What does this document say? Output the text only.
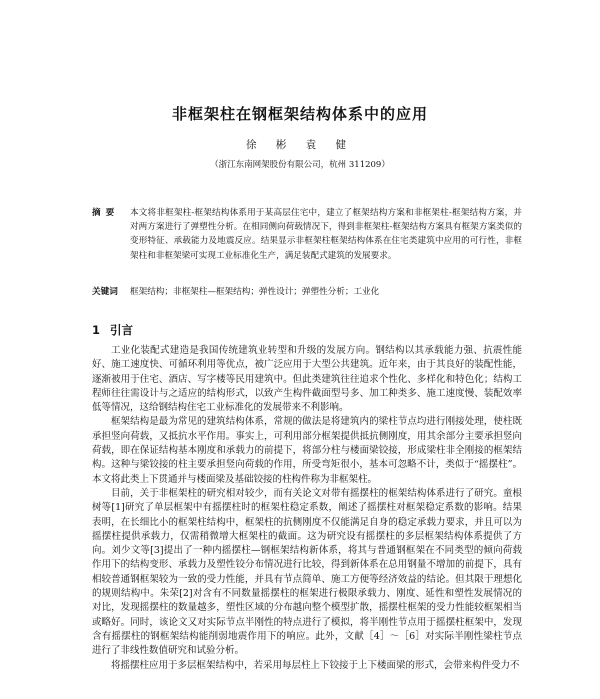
非框架柱在钢框架结构体系中的应用
徐 彬 袁 健
（浙江东南网架股份有限公司，杭州 311209）
摘要 本文将非框架柱-框架结构体系用于某高层住宅中，建立了框架结构方案和非框架柱-框架结构方案，并对两方案进行了弹塑性分析。在相同侧向荷载情况下，得到非框架柱-框架结构方案具有框架方案类似的变形特征、承载能力及地震反应。结果显示非框架柱框架结构体系在住宅类建筑中应用的可行性，非框架柱和非框架梁可实现工业标准化生产，满足装配式建筑的发展要求。
关键词 框架结构；非框架柱—框架结构；弹性设计；弹塑性分析；工业化
1 引言

工业化装配式建造是我国传统建筑业转型和升级的发展方向。钢结构以其承载能力强、抗震性能好、施工速度快、可循环利用等优点，被广泛应用于大型公共建筑。近年来，由于其良好的装配性能，逐渐被用于住宅、酒店、写字楼等民用建筑中。但此类建筑往往追求个性化、多样化和特色化；结构工程师往往需设计与之适应的结构形式，以致产生构件截面型号多、加工种类多、施工速度慢、装配效率低等情况，这给钢结构住宅工业标准化的发展带来不利影响。

框架结构是最为常见的建筑结构体系，常规的做法是将建筑内的梁柱节点均进行刚接处理，使柱既承担竖向荷载，又抵抗水平作用。事实上，可利用部分框架提供抵抗侧刚度，用其余部分主要承担竖向荷载，即在保证结构基本刚度和承载力的前提下，将部分柱与楼面梁铰接，形成梁柱非全刚接的框架结构。这种与梁铰接的柱主要承担竖向荷载的作用，所受弯矩很小，基本可忽略不计，类似于“摇摆柱”。本文将此类上下贯通并与楼面梁及基础铰接的柱构件称为非框架柱。

目前，关于非框架柱的研究相对较少，而有关论文对带有摇摆柱的框架结构体系进行了研究。童根树等[1]研究了单层框架中有摇摆柱时的框架柱稳定系数，阐述了摇摆柱对框架稳定系数的影响。结果表明，在长细比小的框架柱结构中，框架柱的抗侧刚度不仅能满足自身的稳定承载力要求，并且可以为摇摆柱提供承载力，仅需稍微增大框架柱的截面。这为研究设有摇摆柱的多层框架结构体系提供了方向。刘少文等[3]提出了一种内摇摆柱—钢框架结构新体系，将其与普通钢框架在不同类型的倾向荷载作用下的结构变形、承载力及塑性铰分布情况进行比较，得到新体系在总用钢量不增加的前提下，具有相较普通钢框架较为一致的受力性能，并具有节点简单、施工方便等经济效益的结论。但其限于理想化的规则结构中。朱荣[2]对含有不同数量摇摆柱的框架进行极限承载力、刚度、延性和塑性发展情况的对比，发现摇摆柱的数量越多，塑性区域的分布越向整个模型扩散，摇摆柱框架的受力性能较框架相当或略好。同时，该论文又对实际节点半刚性的特点进行了模拟，将半刚性节点用于摇摆柱框架中，发现含有摇摆柱的钢框架结构能削弱地震作用下的响应。此外，文献［4］～［6］对实际半刚性梁柱节点进行了非线性数值研究和试验分析。

将摇摆柱应用于多层框架结构中，若采用每层柱上下铰接于上下楼面梁的形式，会带来构件受力不
